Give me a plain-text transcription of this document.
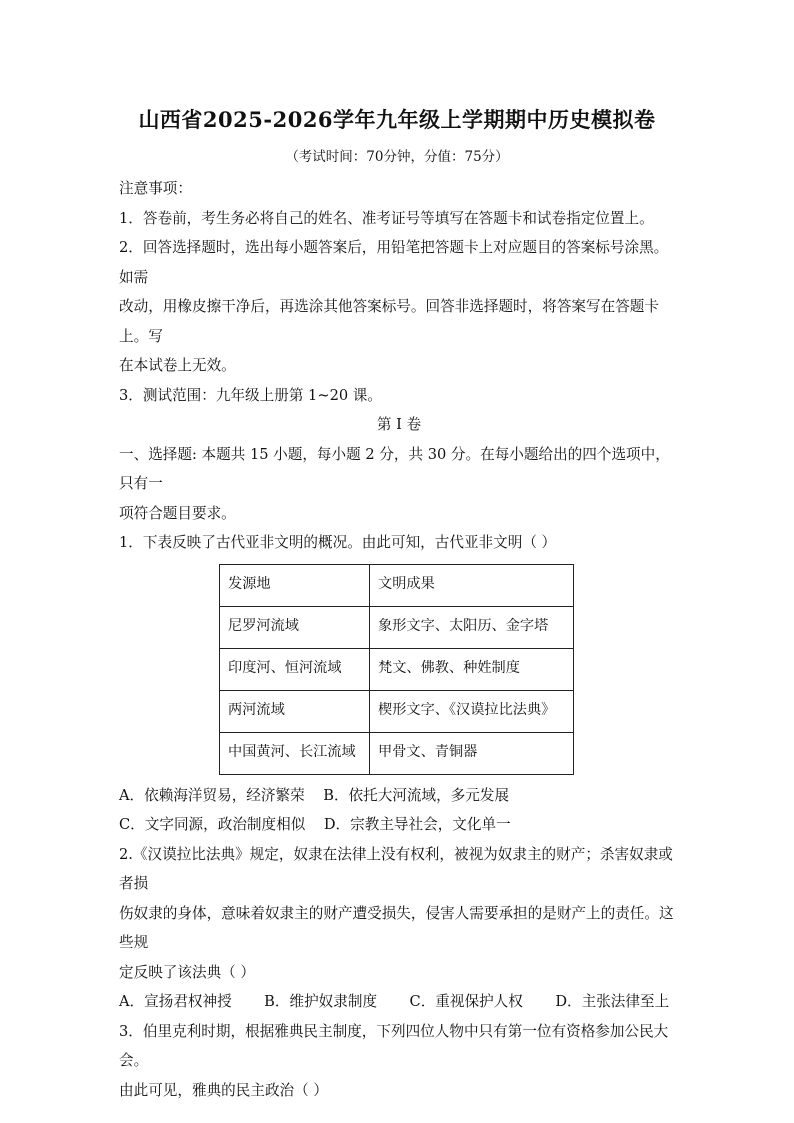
山西省2025-2026学年九年级上学期期中历史模拟卷
（考试时间：70分钟，分值：75分）

注意事项：

1．答卷前，考生务必将自己的姓名、准考证号等填写在答题卡和试卷指定位置上。

2．回答选择题时，选出每小题答案后，用铅笔把答题卡上对应题目的答案标号涂黑。如需

改动，用橡皮擦干净后，再选涂其他答案标号。回答非选择题时，将答案写在答题卡上。写

在本试卷上无效。

3．测试范围：九年级上册第 1~20 课。

第 I 卷

一、选择题: 本题共 15 小题，每小题 2 分，共 30 分。在每小题给出的四个选项中，只有一

项符合题目要求。

1．下表反映了古代亚非文明的概况。由此可知，古代亚非文明（ ）

发源地	文明成果
尼罗河流域	象形文字、太阳历、金字塔
印度河、恒河流域	梵文、佛教、种姓制度
两河流域	楔形文字、《汉谟拉比法典》
中国黄河、长江流域	甲骨文、青铜器

A．依赖海洋贸易，经济繁荣    B．依托大河流域，多元发展

C．文字同源，政治制度相似    D．宗教主导社会，文化单一

2.《汉谟拉比法典》规定，奴隶在法律上没有权利，被视为奴隶主的财产；杀害奴隶或者损

伤奴隶的身体，意味着奴隶主的财产遭受损失，侵害人需要承担的是财产上的责任。这些规

定反映了该法典（ ）

A．宣扬君权神授       B．维护奴隶制度       C．重视保护人权       D．主张法律至上

3．伯里克利时期，根据雅典民主制度，下列四位人物中只有第一位有资格参加公民大会。

由此可见，雅典的民主政治（ ）
